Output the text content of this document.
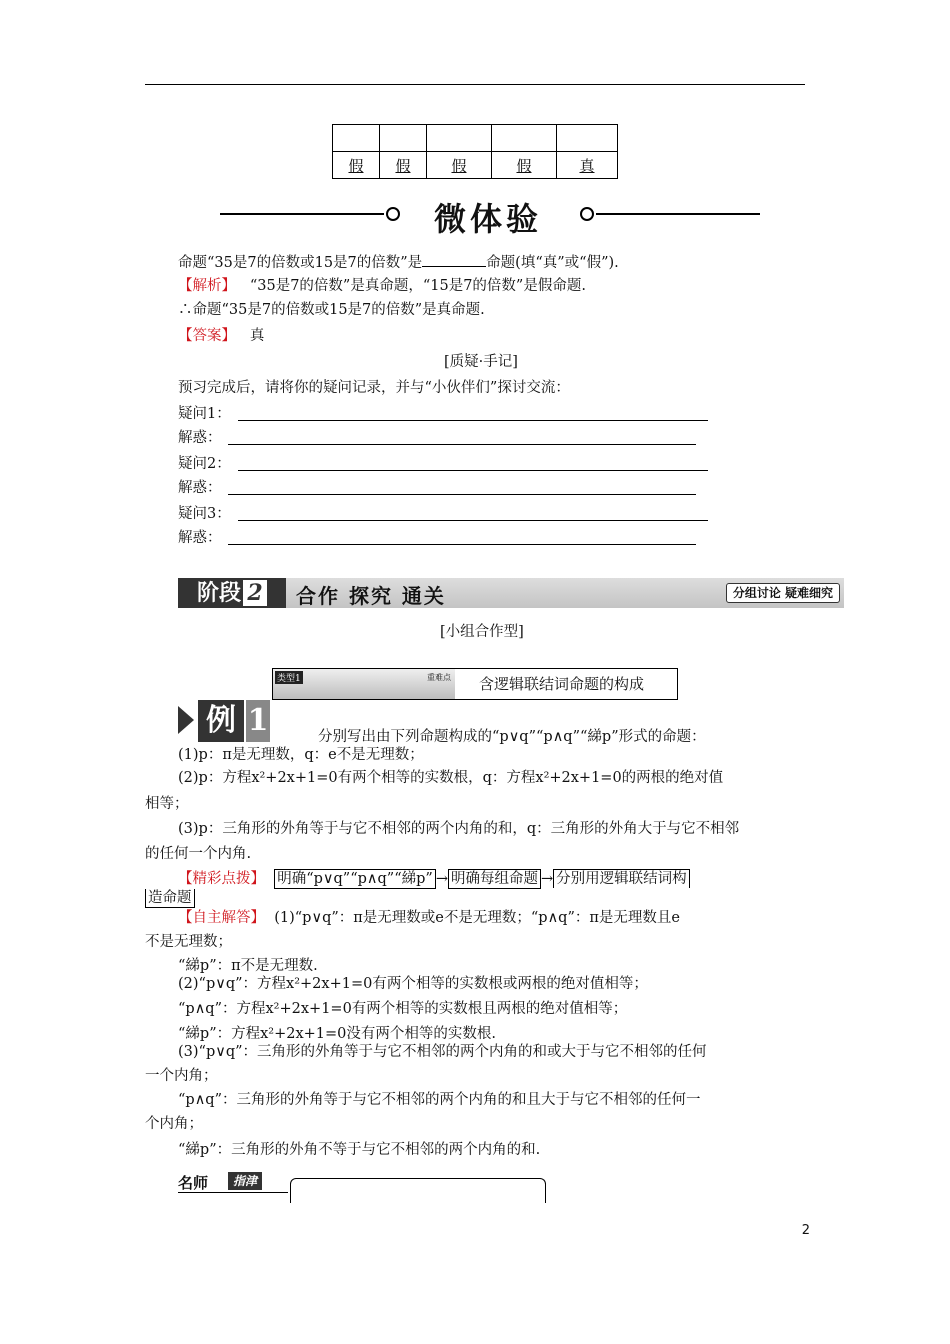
假	假	假	假	真
微体验
命题“35是7的倍数或15是7的倍数”是	命题(填“真”或“假”).
【解析】 “35是7的倍数”是真命题，“15是7的倍数”是假命题.
∴命题“35是7的倍数或15是7的倍数”是真命题.
【答案】 真
[质疑·手记]
预习完成后，请将你的疑问记录，并与“小伙伴们”探讨交流：
疑问1：
解惑：
疑问2：
解惑：
疑问3：
解惑：
阶段 2	合作 探究 通关	分组讨论 疑难细究
[小组合作型]
类型1	重难点 含逻辑联结词命题的构成
例 1	分别写出由下列命题构成的“p∨q”“p∧q”“綈p”形式的命题：
(1)p：π是无理数，q：e不是无理数；
(2)p：方程x²+2x+1=0有两个相等的实数根，q：方程x²+2x+1=0的两根的绝对值
相等；
(3)p：三角形的外角等于与它不相邻的两个内角的和，q：三角形的外角大于与它不相邻
的任何一个内角.
【精彩点拨】 明确“p∨q”“p∧q”“綈p” → 明确每组命题 → 分别用逻辑联结词构
造命题
【自主解答】 (1)“p∨q”：π是无理数或e不是无理数；“p∧q”：π是无理数且e
不是无理数；
“綈p”：π不是无理数.
(2)“p∨q”：方程x²+2x+1=0有两个相等的实数根或两根的绝对值相等；
“p∧q”：方程x²+2x+1=0有两个相等的实数根且两根的绝对值相等；
“綈p”：方程x²+2x+1=0没有两个相等的实数根.
(3)“p∨q”：三角形的外角等于与它不相邻的两个内角的和或大于与它不相邻的任何
一个内角；
“p∧q”：三角形的外角等于与它不相邻的两个内角的和且大于与它不相邻的任何一
个内角；
“綈p”：三角形的外角不等于与它不相邻的两个内角的和.
名师	指津
2
